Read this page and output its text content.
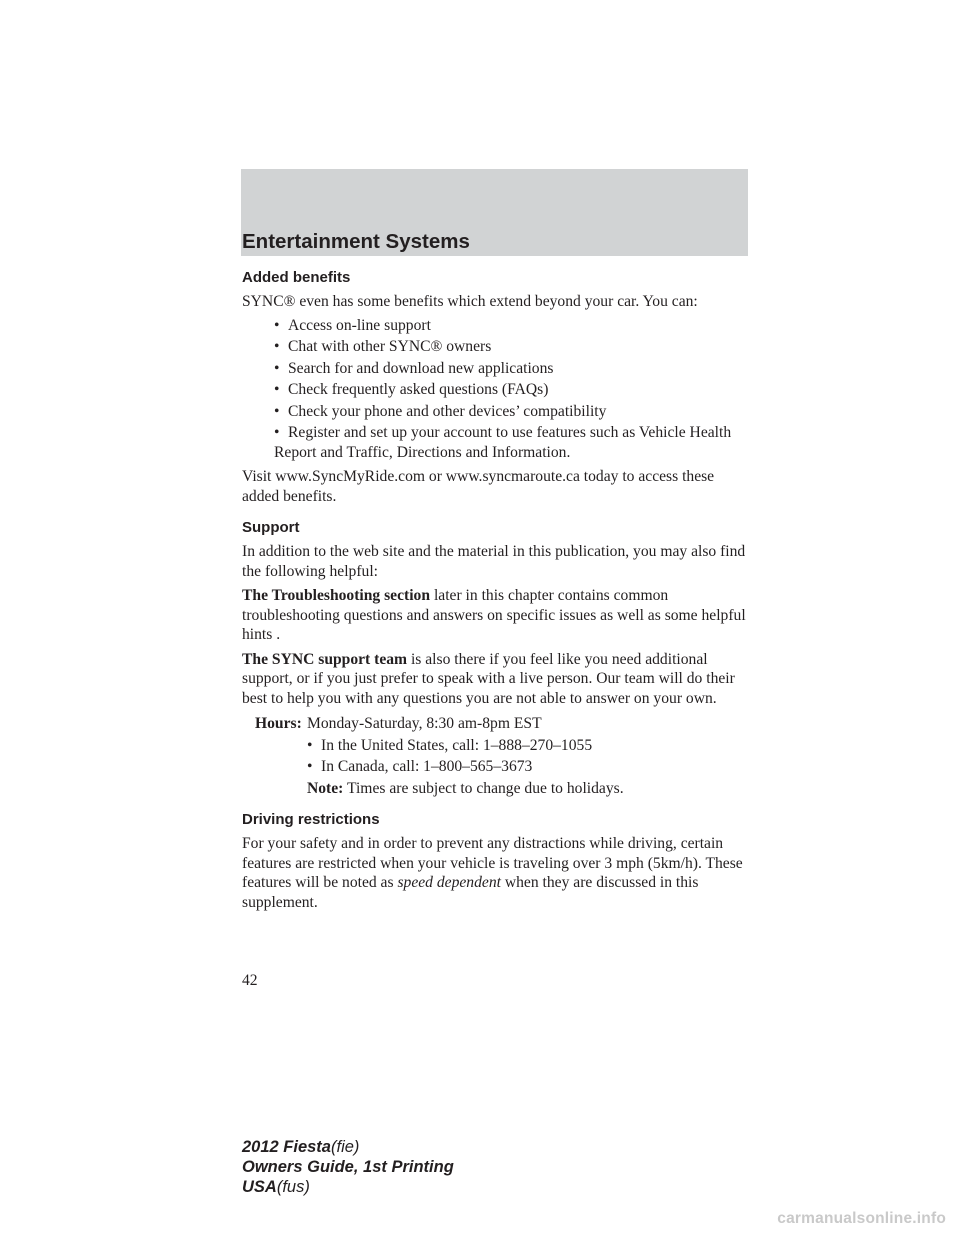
Entertainment Systems

Added benefits

SYNC® even has some benefits which extend beyond your car. You can:

• Access on-line support
• Chat with other SYNC® owners
• Search for and download new applications
• Check frequently asked questions (FAQs)
• Check your phone and other devices’ compatibility
• Register and set up your account to use features such as Vehicle Health Report and Traffic, Directions and Information.

Visit www.SyncMyRide.com or www.syncmaroute.ca today to access these added benefits.

Support

In addition to the web site and the material in this publication, you may also find the following helpful:

The Troubleshooting section later in this chapter contains common troubleshooting questions and answers on specific issues as well as some helpful hints .

The SYNC support team is also there if you feel like you need additional support, or if you just prefer to speak with a live person. Our team will do their best to help you with any questions you are not able to answer on your own.

Hours: Monday-Saturday, 8:30 am-8pm EST
• In the United States, call: 1–888–270–1055
• In Canada, call: 1–800–565–3673
Note: Times are subject to change due to holidays.

Driving restrictions

For your safety and in order to prevent any distractions while driving, certain features are restricted when your vehicle is traveling over 3 mph (5km/h). These features will be noted as speed dependent when they are discussed in this supplement.

42
2012 Fiesta(fie)
Owners Guide, 1st Printing
USA(fus)
carmanualsonline.info
